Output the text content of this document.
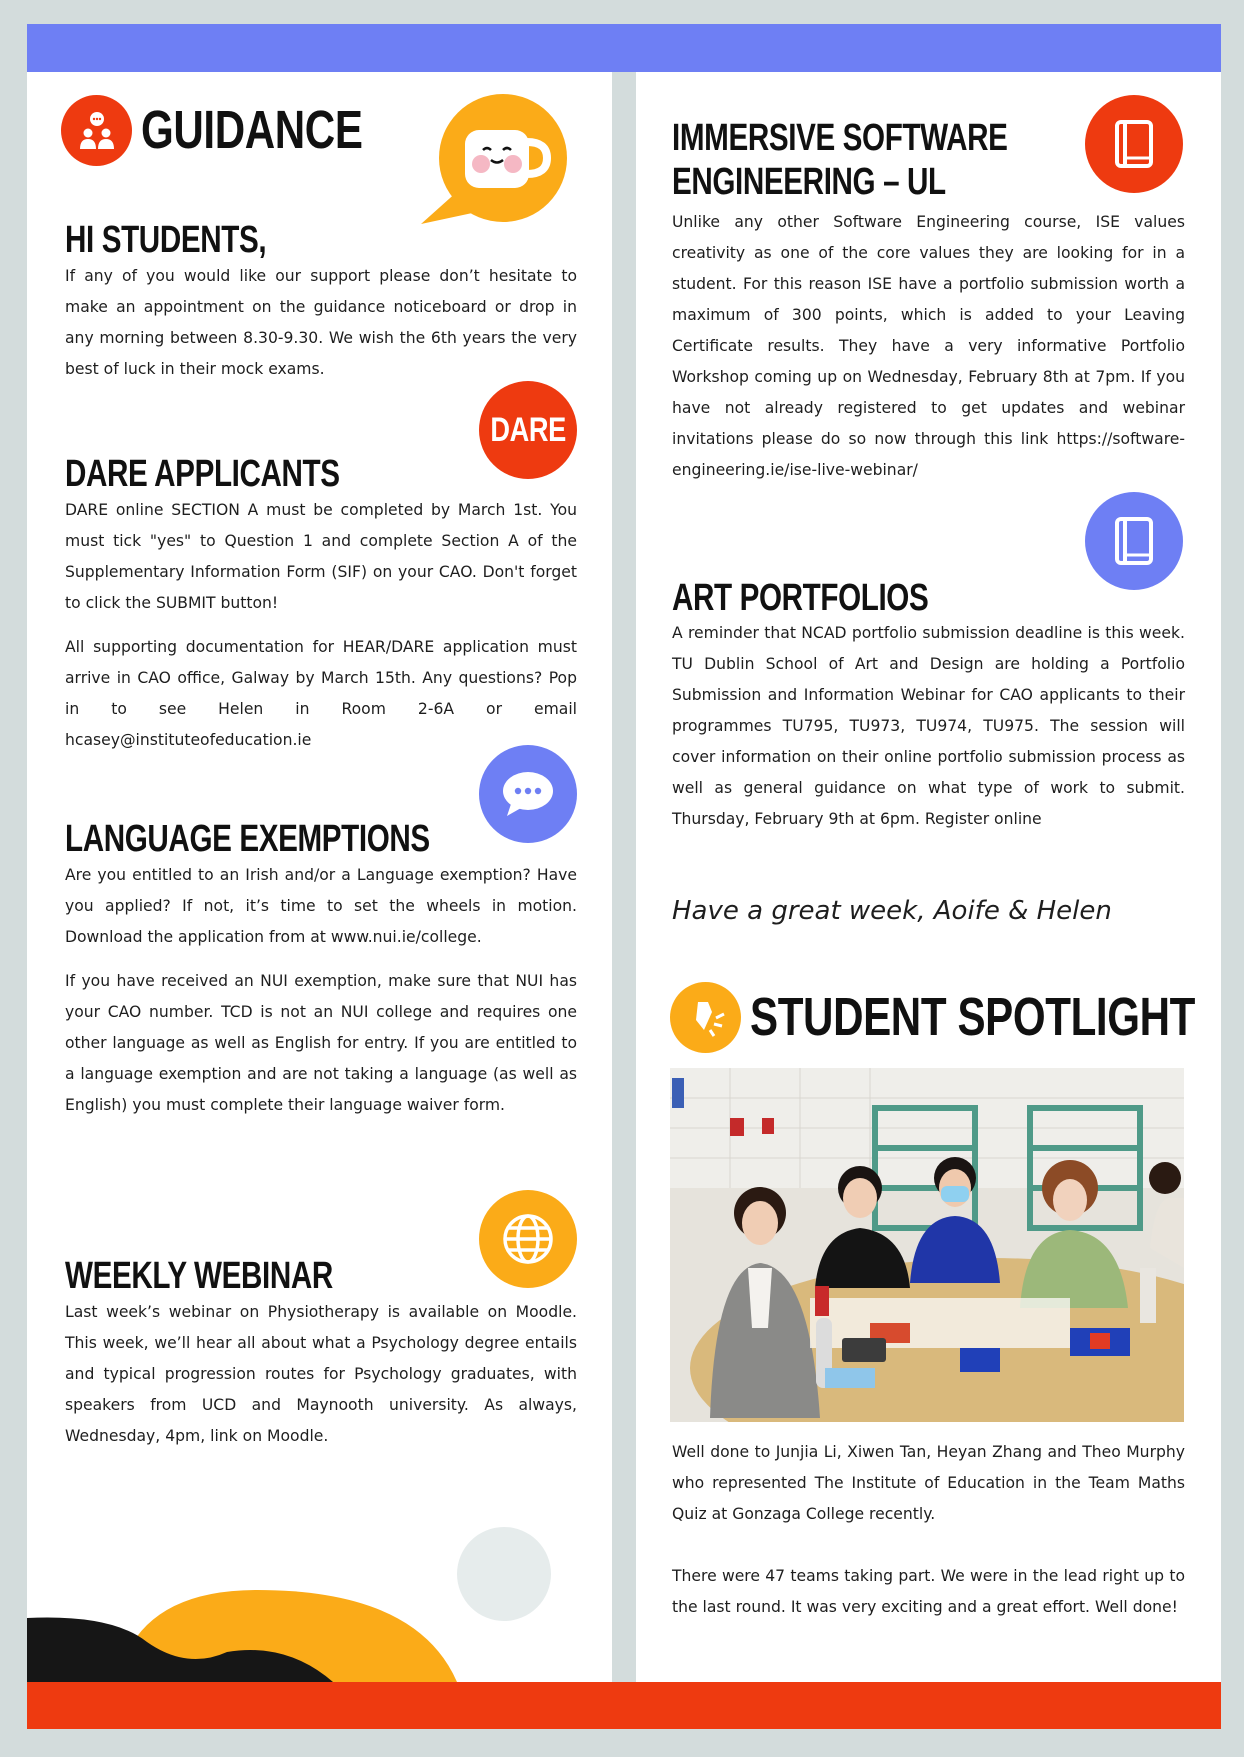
GUIDANCE
HI STUDENTS,

If any of you would like our support please don’t hesitate to make an appointment on the guidance noticeboard or drop in any morning between 8.30-9.30. We wish the 6th years the very best of luck in their mock exams.

DARE
DARE APPLICANTS

DARE online SECTION A must be completed by March 1st. You must tick "yes" to Question 1 and complete Section A of the Supplementary Information Form (SIF) on your CAO. Don't forget to click the SUBMIT button!

All supporting documentation for HEAR/DARE application must arrive in CAO office, Galway by March 15th. Any questions? Pop in to see Helen in Room 2-6A or email hcasey@instituteofeducation.ie

LANGUAGE EXEMPTIONS

Are you entitled to an Irish and/or a Language exemption? Have you applied? If not, it’s time to set the wheels in motion. Download the application from at www.nui.ie/college.

If you have received an NUI exemption, make sure that NUI has your CAO number. TCD is not an NUI college and requires one other language as well as English for entry. If you are entitled to a language exemption and are not taking a language (as well as English) you must complete their language waiver form.

WEEKLY WEBINAR

Last week’s webinar on Physiotherapy is available on Moodle. This week, we’ll hear all about what a Psychology degree entails and typical progression routes for Psychology graduates, with speakers from UCD and Maynooth university. As always, Wednesday, 4pm, link on Moodle.

IMMERSIVE SOFTWARE
ENGINEERING – UL

Unlike any other Software Engineering course, ISE values creativity as one of the core values they are looking for in a student. For this reason ISE have a portfolio submission worth a maximum of 300 points, which is added to your Leaving Certificate results. They have a very informative Portfolio Workshop coming up on Wednesday, February 8th at 7pm. If you have not already registered to get updates and webinar invitations please do so now through this link https://software-engineering.ie/ise-live-webinar/

ART PORTFOLIOS

A reminder that NCAD portfolio submission deadline is this week. TU Dublin School of Art and Design are holding a Portfolio Submission and Information Webinar for CAO applicants to their programmes TU795, TU973, TU974, TU975. The session will cover information on their online portfolio submission process as well as general guidance on what type of work to submit. Thursday, February 9th at 6pm. Register online

Have a great week, Aoife & Helen

STUDENT SPOTLIGHT

Well done to Junjia Li, Xiwen Tan, Heyan Zhang and Theo Murphy who represented The Institute of Education in the Team Maths Quiz at Gonzaga College recently.

There were 47 teams taking part. We were in the lead right up to the last round. It was very exciting and a great effort. Well done!
